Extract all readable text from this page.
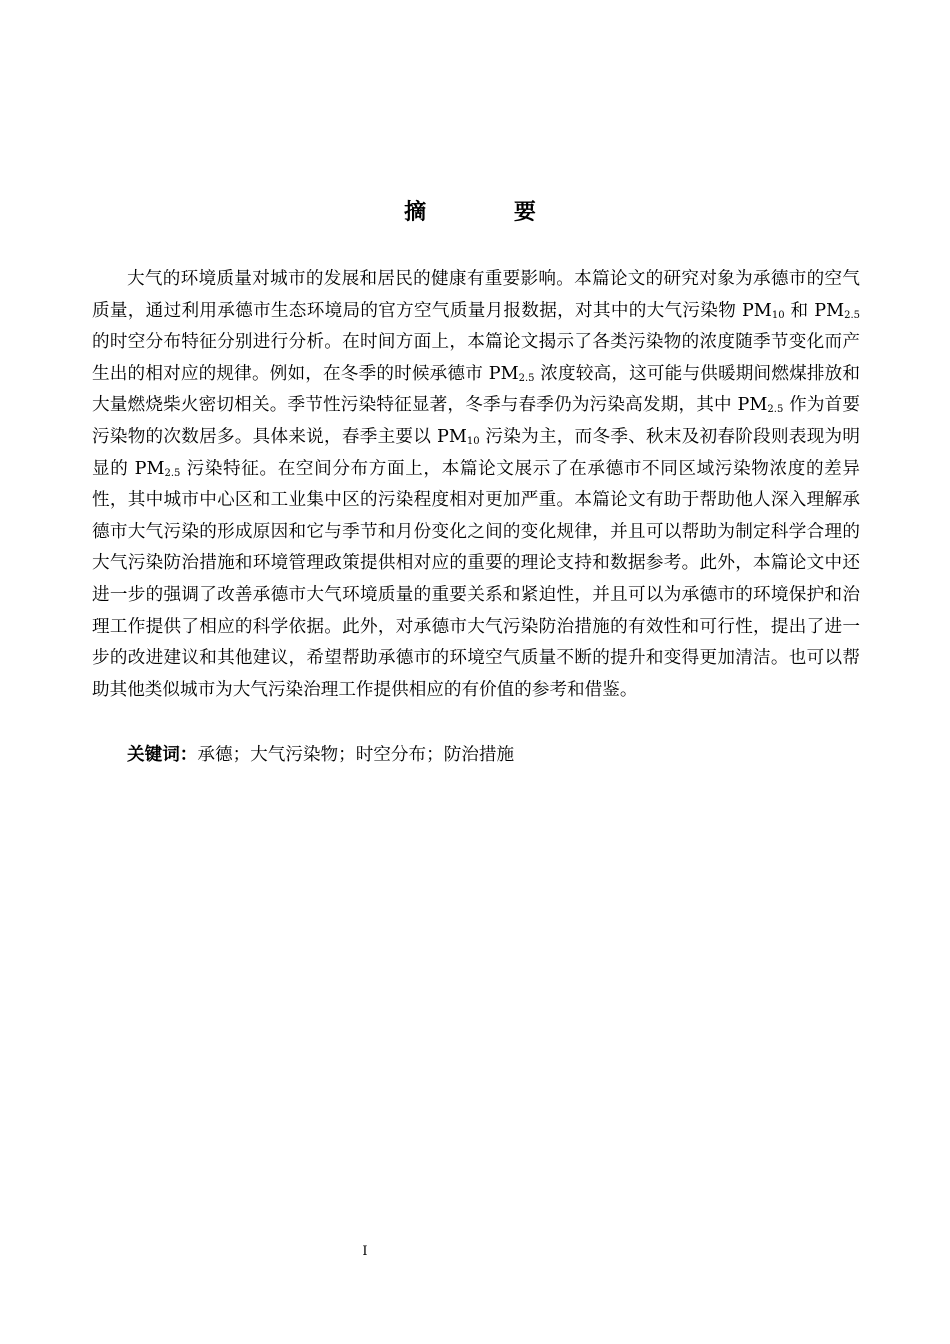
摘 要

大气的环境质量对城市的发展和居民的健康有重要影响。本篇论文的研究对象为承德市的空气质量，通过利用承德市生态环境局的官方空气质量月报数据，对其中的大气污染物 $PM_{10}$ 和 $PM_{2.5}$ 的时空分布特征分别进行分析。在时间方面上，本篇论文揭示了各类污染物的浓度随季节变化而产生出的相对应的规律。例如，在冬季的时候承德市 $PM_{2.5}$ 浓度较高，这可能与供暖期间燃煤排放和大量燃烧柴火密切相关。季节性污染特征显著，冬季与春季仍为污染高发期，其中 $PM_{2.5}$ 作为首要污染物的次数居多。具体来说，春季主要以 $PM_{10}$ 污染为主，而冬季、秋末及初春阶段则表现为明显的 $PM_{2.5}$ 污染特征。在空间分布方面上，本篇论文展示了在承德市不同区域污染物浓度的差异性，其中城市中心区和工业集中区的污染程度相对更加严重。本篇论文有助于帮助他人深入理解承德市大气污染的形成原因和它与季节和月份变化之间的变化规律，并且可以帮助为制定科学合理的大气污染防治措施和环境管理政策提供相对应的重要的理论支持和数据参考。此外，本篇论文中还进一步的强调了改善承德市大气环境质量的重要关系和紧迫性，并且可以为承德市的环境保护和治理工作提供了相应的科学依据。此外，对承德市大气污染防治措施的有效性和可行性，提出了进一步的改进建议和其他建议，希望帮助承德市的环境空气质量不断的提升和变得更加清洁。也可以帮助其他类似城市为大气污染治理工作提供相应的有价值的参考和借鉴。

关键词：承德；大气污染物；时空分布；防治措施
I
